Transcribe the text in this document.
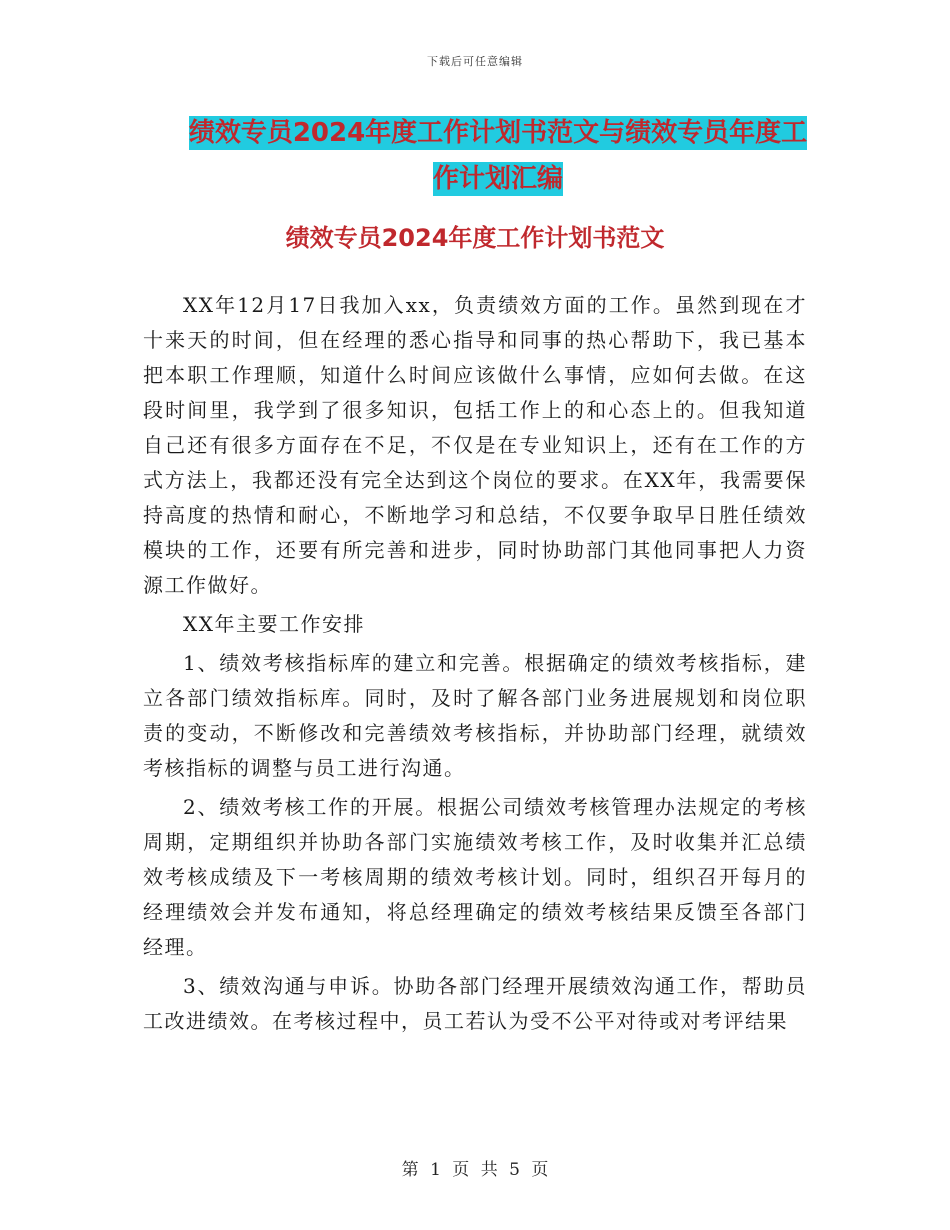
下载后可任意编辑
绩效专员2024年度工作计划书范文与绩效专员年度工
作计划汇编
绩效专员2024年度工作计划书范文

XX年12月17日我加入xx，负责绩效方面的工作。虽然到现在才十来天的时间，但在经理的悉心指导和同事的热心帮助下，我已基本把本职工作理顺，知道什么时间应该做什么事情，应如何去做。在这段时间里，我学到了很多知识，包括工作上的和心态上的。但我知道自己还有很多方面存在不足，不仅是在专业知识上，还有在工作的方式方法上，我都还没有完全达到这个岗位的要求。在XX年，我需要保持高度的热情和耐心，不断地学习和总结，不仅要争取早日胜任绩效模块的工作，还要有所完善和进步，同时协助部门其他同事把人力资源工作做好。

XX年主要工作安排

1、绩效考核指标库的建立和完善。根据确定的绩效考核指标，建立各部门绩效指标库。同时，及时了解各部门业务进展规划和岗位职责的变动，不断修改和完善绩效考核指标，并协助部门经理，就绩效考核指标的调整与员工进行沟通。

2、绩效考核工作的开展。根据公司绩效考核管理办法规定的考核周期，定期组织并协助各部门实施绩效考核工作，及时收集并汇总绩效考核成绩及下一考核周期的绩效考核计划。同时，组织召开每月的经理绩效会并发布通知，将总经理确定的绩效考核结果反馈至各部门经理。

3、绩效沟通与申诉。协助各部门经理开展绩效沟通工作，帮助员工改进绩效。在考核过程中，员工若认为受不公平对待或对考评结果

第 1 页 共 5 页
